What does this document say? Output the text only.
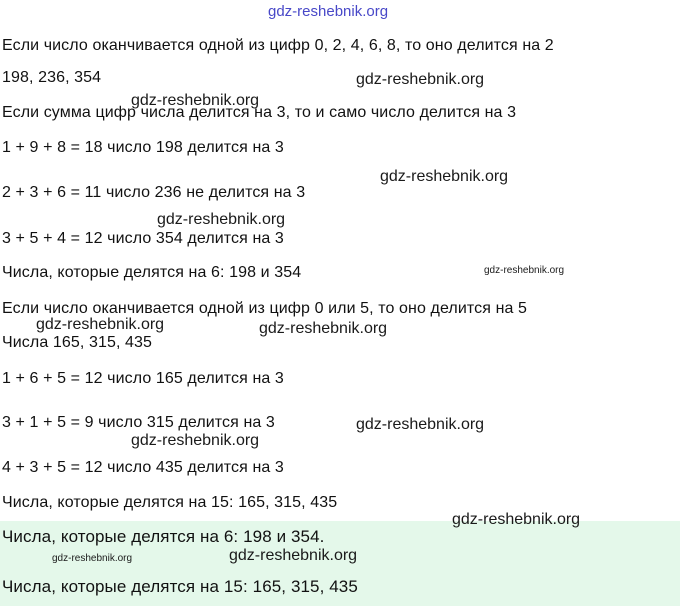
gdz-reshebnik.org
Если число оканчивается одной из цифр 0, 2, 4, 6, 8, то оно делится на 2
198, 236, 354
Если сумма цифр числа делится на 3, то и само число делится на 3
1 + 9 + 8 = 18 число 198 делится на 3
2 + 3 + 6 = 11 число 236 не делится на 3
3 + 5 + 4 = 12 число 354 делится на 3
Числа, которые делятся на 6: 198 и 354
Если число оканчивается одной из цифр 0 или 5, то оно делится на 5
Числа 165, 315, 435
1 + 6 + 5 = 12 число 165 делится на 3
3 + 1 + 5 = 9 число 315 делится на 3
4 + 3 + 5 = 12 число 435 делится на 3
Числа, которые делятся на 15: 165, 315, 435
Числа, которые делятся на 6: 198 и 354.
Числа, которые делятся на 15: 165, 315, 435
gdz-reshebnik.org
gdz-reshebnik.org
gdz-reshebnik.org
gdz-reshebnik.org
gdz-reshebnik.org
gdz-reshebnik.org	gdz-reshebnik.org
gdz-reshebnik.org
gdz-reshebnik.org
gdz-reshebnik.org
gdz-reshebnik.org	gdz-reshebnik.org
